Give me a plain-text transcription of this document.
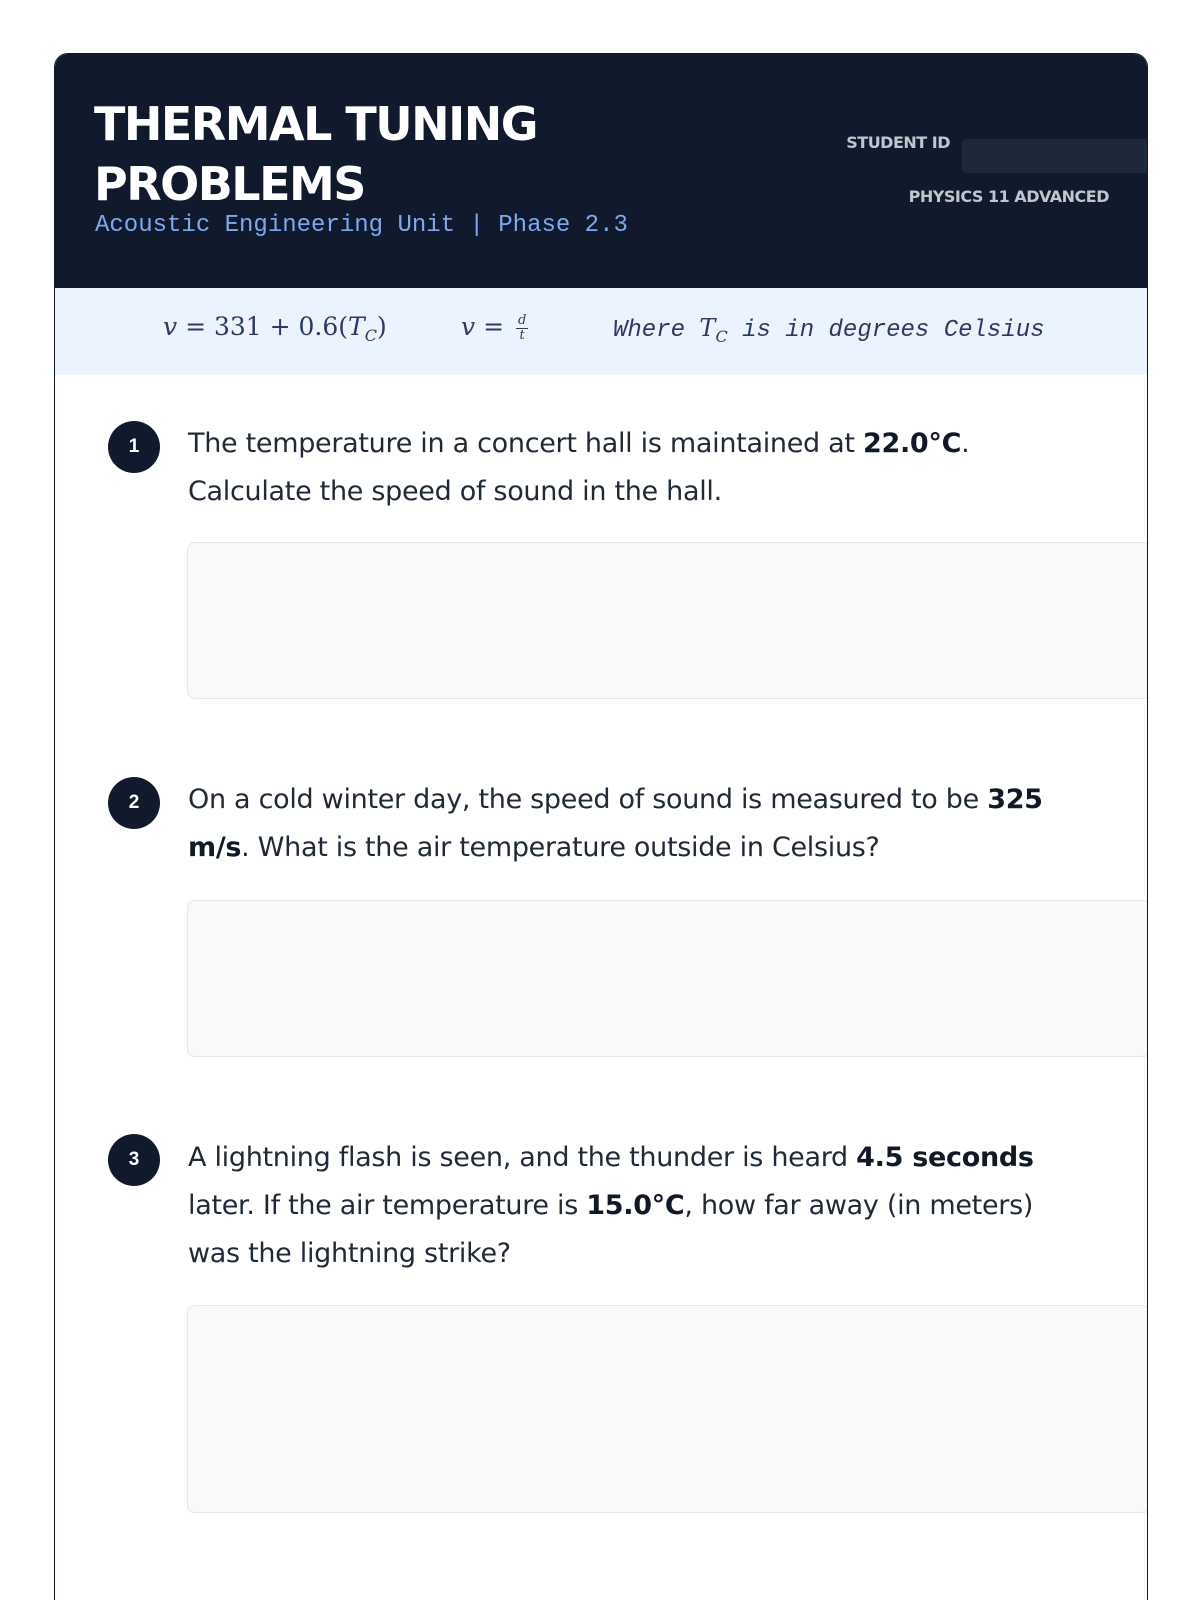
THERMAL TUNING PROBLEMS
Acoustic Engineering Unit | Phase 2.3
STUDENT ID
PHYSICS 11 ADVANCED
$v = 331 + 0.6(T_C)$	$v = \frac{d}{t}$	Where $T_C$ is in degrees Celsius
1	The temperature in a concert hall is maintained at 22.0°C. Calculate the speed of sound in the hall.
2	On a cold winter day, the speed of sound is measured to be 325 m/s. What is the air temperature outside in Celsius?
3	A lightning flash is seen, and the thunder is heard 4.5 seconds later. If the air temperature is 15.0°C, how far away (in meters) was the lightning strike?
